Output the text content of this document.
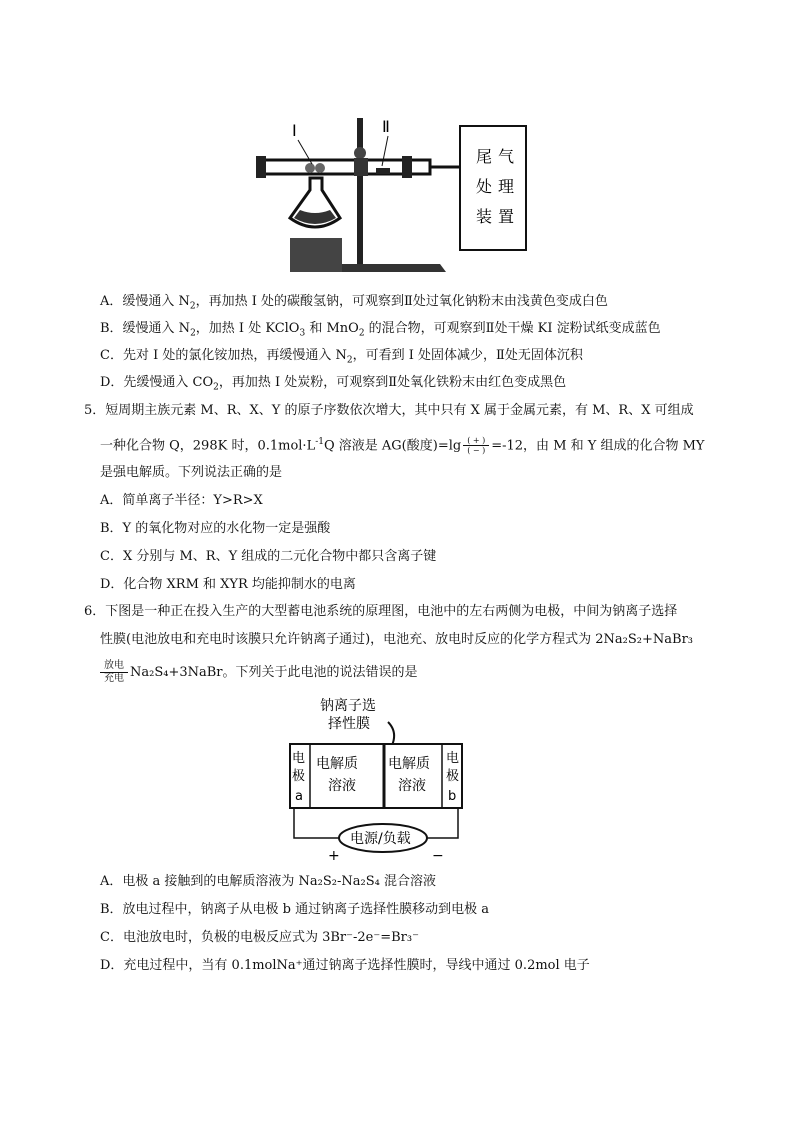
I	Ⅱ
尾 气
处 理
装 置
A．缓慢通入 $N_2$，再加热 I 处的碳酸氢钠，可观察到Ⅱ处过氧化钠粉末由浅黄色变成白色
B．缓慢通入 $N_2$，加热 I 处 KClO$_3$ 和 MnO$_2$ 的混合物，可观察到Ⅱ处干燥 KI 淀粉试纸变成蓝色
C．先对 I 处的氯化铵加热，再缓慢通入 $N_2$，可看到 I 处固体减少，Ⅱ处无固体沉积
D．先缓慢通入 $CO_2$，再加热 I 处炭粉，可观察到Ⅱ处氧化铁粉末由红色变成黑色
5．短周期主族元素 M、R、X、Y 的原子序数依次增大，其中只有 X 属于金属元素，有 M、R、X 可组成
一种化合物 Q，298K 时，$0.1mol\cdot L^{-1}Q$ 溶液是 AG(酸度)=lg ( + )
( − ) =-12，由 M 和 Y 组成的化合物 MY
是强电解质。下列说法正确的是
A．简单离子半径：Y>R>X
B．Y 的氧化物对应的水化物一定是强酸
C．X 分别与 M、R、Y 组成的二元化合物中都只含离子键
D．化合物 XRM 和 XYR 均能抑制水的电离
6．下图是一种正在投入生产的大型蓄电池系统的原理图，电池中的左右两侧为电极，中间为钠离子选择
性膜(电池放电和充电时该膜只允许钠离子通过)，电池充、放电时反应的化学方程式为 2Na₂S₂+NaBr₃
放电
充电 Na₂S₄+3NaBr。下列关于此电池的说法错误的是
钠离子选
择性膜
电
极
a
电解质
溶液
电解质
溶液
电
极
b
电源/负载
+	−
A．电极 a 接触到的电解质溶液为 Na₂S₂-Na₂S₄ 混合溶液
B．放电过程中，钠离子从电极 b 通过钠离子选择性膜移动到电极 a
C．电池放电时，负极的电极反应式为 3Br⁻-2e⁻=Br₃⁻
D．充电过程中，当有 0.1molNa⁺通过钠离子选择性膜时，导线中通过 0.2mol 电子
